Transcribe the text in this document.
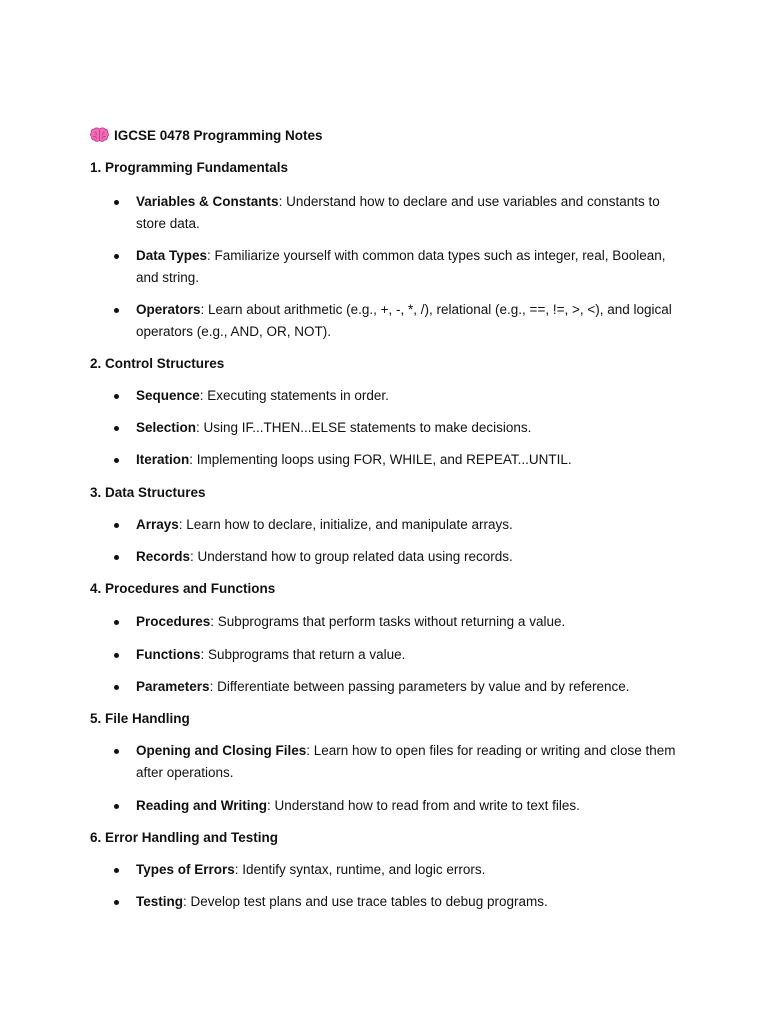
IGCSE 0478 Programming Notes
1. Programming Fundamentals
Variables & Constants: Understand how to declare and use variables and constants to store data.
Data Types: Familiarize yourself with common data types such as integer, real, Boolean, and string.
Operators: Learn about arithmetic (e.g., +, -, *, /), relational (e.g., ==, !=, >, <), and logical operators (e.g., AND, OR, NOT).
2. Control Structures
Sequence: Executing statements in order.
Selection: Using IF...THEN...ELSE statements to make decisions.
Iteration: Implementing loops using FOR, WHILE, and REPEAT...UNTIL.
3. Data Structures
Arrays: Learn how to declare, initialize, and manipulate arrays.
Records: Understand how to group related data using records.
4. Procedures and Functions
Procedures: Subprograms that perform tasks without returning a value.
Functions: Subprograms that return a value.
Parameters: Differentiate between passing parameters by value and by reference.
5. File Handling
Opening and Closing Files: Learn how to open files for reading or writing and close them after operations.
Reading and Writing: Understand how to read from and write to text files.
6. Error Handling and Testing
Types of Errors: Identify syntax, runtime, and logic errors.
Testing: Develop test plans and use trace tables to debug programs.
